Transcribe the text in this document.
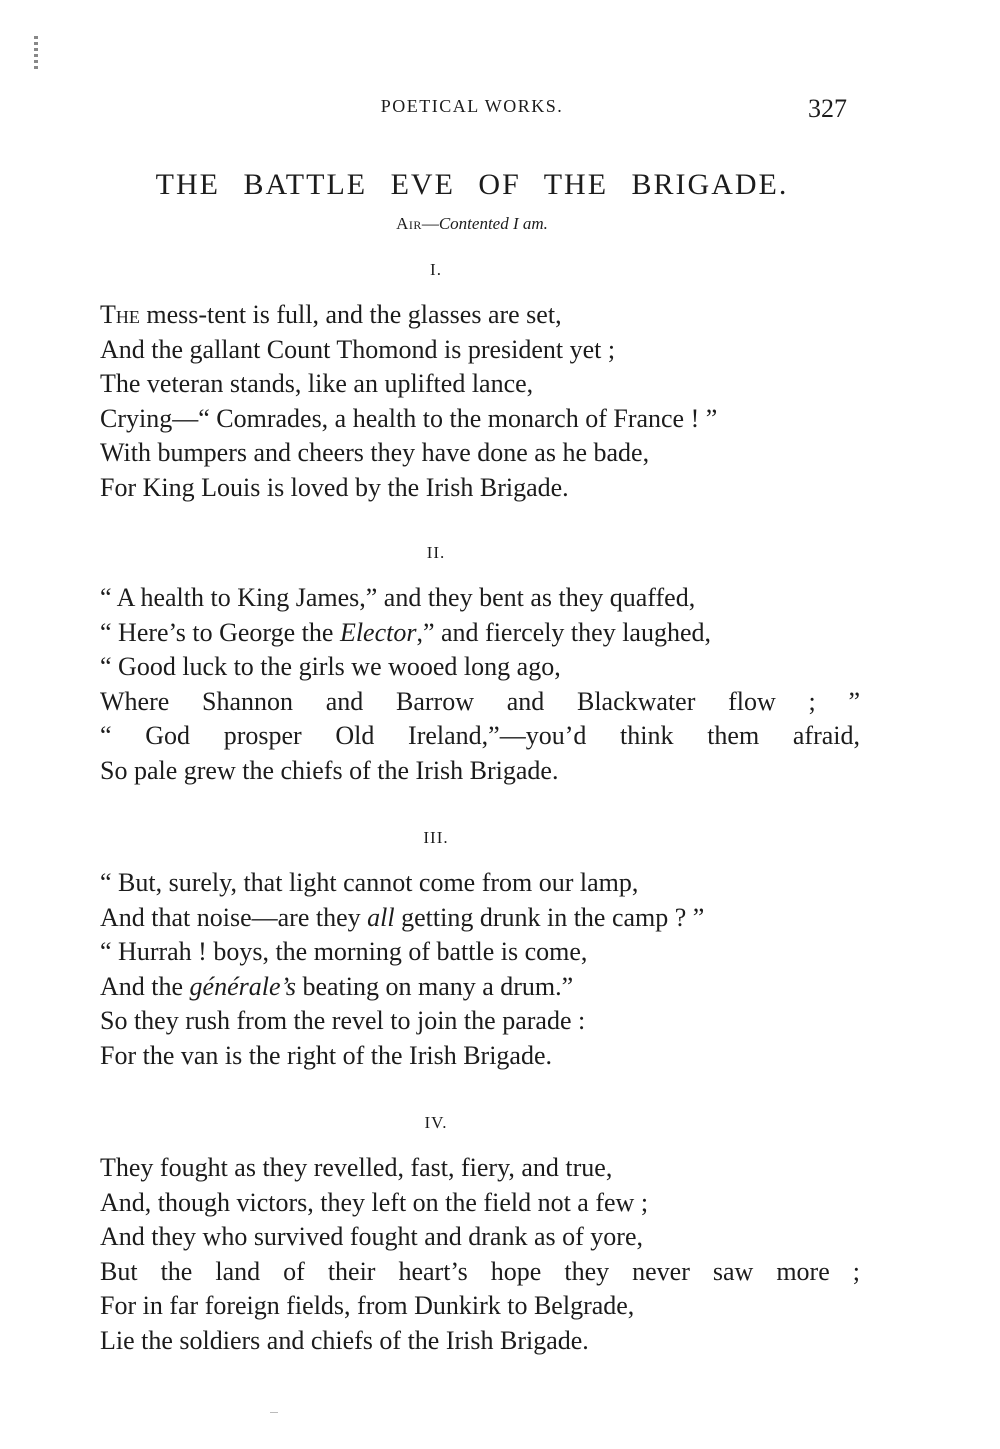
POETICAL WORKS.	327
THE BATTLE EVE OF THE BRIGADE.
Air—Contented I am.
I.
The mess-tent is full, and the glasses are set,
And the gallant Count Thomond is president yet ;
The veteran stands, like an uplifted lance,
Crying—“ Comrades, a health to the monarch of France ! ”
With bumpers and cheers they have done as he bade,
For King Louis is loved by the Irish Brigade.
II.
“ A health to King James,” and they bent as they quaffed,
“ Here’s to George the Elector,” and fiercely they laughed,
“ Good luck to the girls we wooed long ago,
Where Shannon and Barrow and Blackwater flow ; ”
“ God prosper Old Ireland,”—you’d think them afraid,
So pale grew the chiefs of the Irish Brigade.
III.
“ But, surely, that light cannot come from our lamp,
And that noise—are they all getting drunk in the camp ? ”
“ Hurrah ! boys, the morning of battle is come,
And the générale’s beating on many a drum.”
So they rush from the revel to join the parade :
For the van is the right of the Irish Brigade.
IV.
They fought as they revelled, fast, fiery, and true,
And, though victors, they left on the field not a few ;
And they who survived fought and drank as of yore,
But the land of their heart’s hope they never saw more ;
For in far foreign fields, from Dunkirk to Belgrade,
Lie the soldiers and chiefs of the Irish Brigade.
